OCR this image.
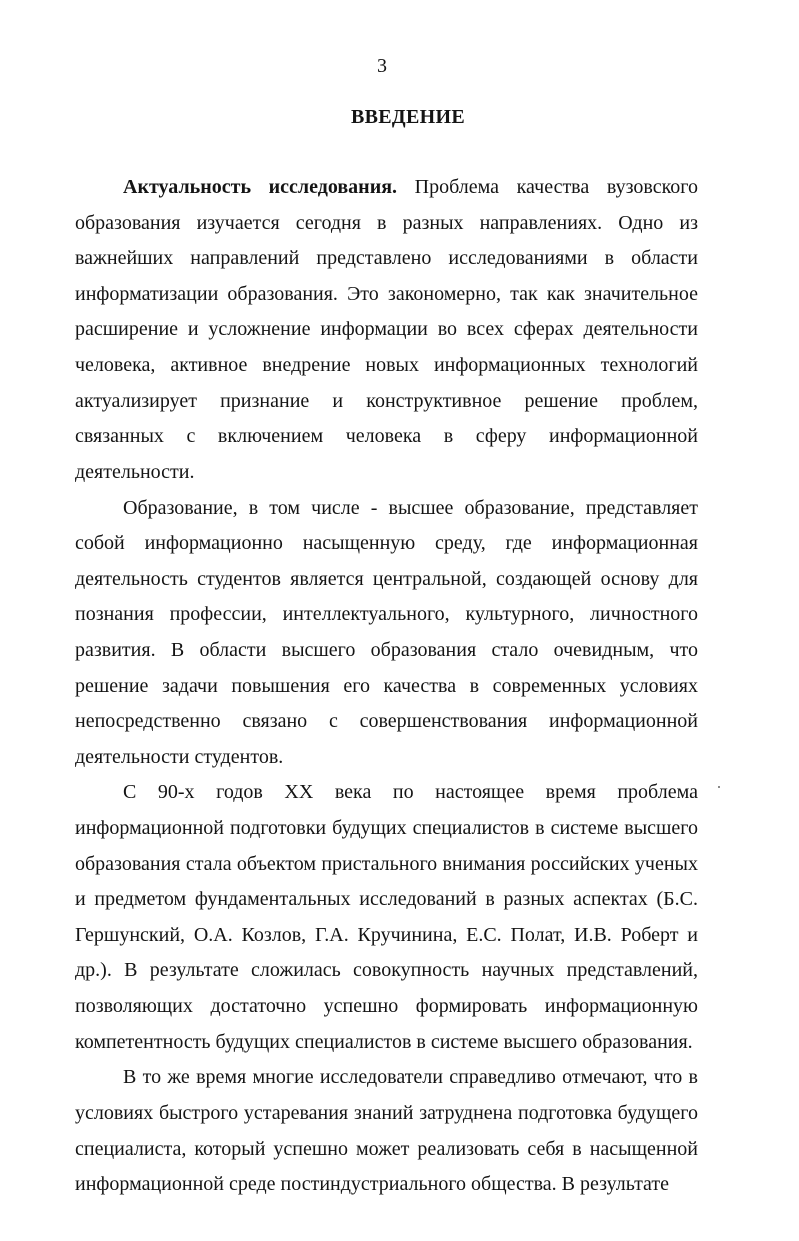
3
ВВЕДЕНИЕ

Актуальность исследования. Проблема качества вузовского образования изучается сегодня в разных направлениях. Одно из важнейших направлений представлено исследованиями в области информатизации образования. Это закономерно, так как значительное расширение и усложнение информации во всех сферах деятельности человека, активное внедрение новых информационных технологий актуализирует признание и конструктивное решение проблем, связанных с включением человека в сферу информационной деятельности.

Образование, в том числе - высшее образование, представляет собой информационно насыщенную среду, где информационная деятельность студентов является центральной, создающей основу для познания профессии, интеллектуального, культурного, личностного развития. В области высшего образования стало очевидным, что решение задачи повышения его качества в современных условиях непосредственно связано с совершенствования информационной деятельности студентов.

С 90-х годов XX века по настоящее время проблема информационной подготовки будущих специалистов в системе высшего образования стала объектом пристального внимания российских ученых и предметом фундаментальных исследований в разных аспектах (Б.С. Гершунский, О.А. Козлов, Г.А. Кручинина, Е.С. Полат, И.В. Роберт и др.). В результате сложилась совокупность научных представлений, позволяющих достаточно успешно формировать информационную компетентность будущих специалистов в системе высшего образования.

В то же время многие исследователи справедливо отмечают, что в условиях быстрого устаревания знаний затруднена подготовка будущего специалиста, который успешно может реализовать себя в насыщенной информационной среде постиндустриального общества. В результате
